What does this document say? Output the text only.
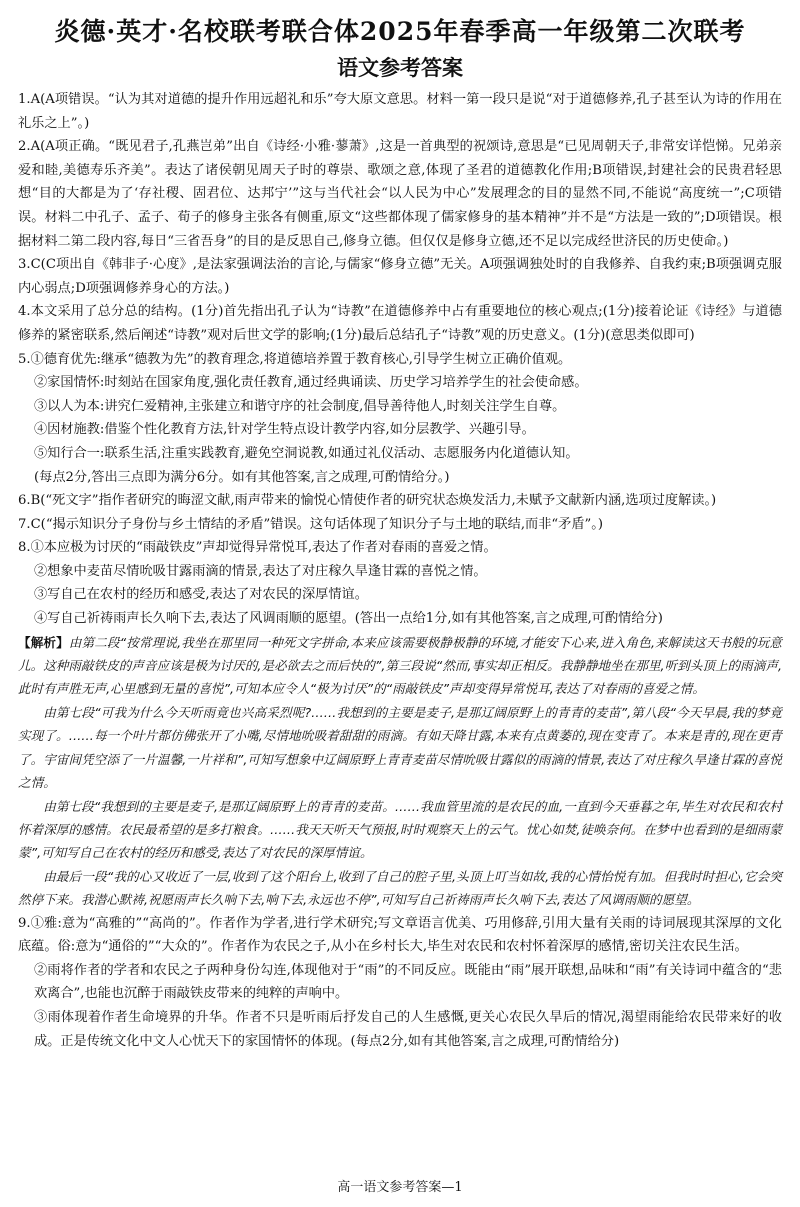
炎德·英才·名校联考联合体2025年春季高一年级第二次联考
语文参考答案

1.A(A项错误。“认为其对道德的提升作用远超礼和乐”夸大原文意思。材料一第一段只是说“对于道德修养,孔子甚至认为诗的作用在礼乐之上”。)

2.A(A项正确。“既见君子,孔燕岂弟”出自《诗经·小雅·蓼萧》,这是一首典型的祝颂诗,意思是“已见周朝天子,非常安详恺悌。兄弟亲爱和睦,美德寿乐齐美”。表达了诸侯朝见周天子时的尊崇、歌颂之意,体现了圣君的道德教化作用;B项错误,封建社会的民贵君轻思想“目的大都是为了‘存社稷、固君位、达邦宁’”这与当代社会“以人民为中心”发展理念的目的显然不同,不能说“高度统一”;C项错误。材料二中孔子、孟子、荀子的修身主张各有侧重,原文“这些都体现了儒家修身的基本精神”并不是“方法是一致的”;D项错误。根据材料二第二段内容,每日“三省吾身”的目的是反思自己,修身立德。但仅仅是修身立德,还不足以完成经世济民的历史使命。)

3.C(C项出自《韩非子·心度》,是法家强调法治的言论,与儒家“修身立德”无关。A项强调独处时的自我修养、自我约束;B项强调克服内心弱点;D项强调修养身心的方法。)

4.本文采用了总分总的结构。(1分)首先指出孔子认为“诗教”在道德修养中占有重要地位的核心观点;(1分)接着论证《诗经》与道德修养的紧密联系,然后阐述“诗教”观对后世文学的影响;(1分)最后总结孔子“诗教”观的历史意义。(1分)(意思类似即可)

5.①德育优先:继承“德教为先”的教育理念,将道德培养置于教育核心,引导学生树立正确价值观。

②家国情怀:时刻站在国家角度,强化责任教育,通过经典诵读、历史学习培养学生的社会使命感。

③以人为本:讲究仁爱精神,主张建立和谐守序的社会制度,倡导善待他人,时刻关注学生自尊。

④因材施教:借鉴个性化教育方法,针对学生特点设计教学内容,如分层教学、兴趣引导。

⑤知行合一:联系生活,注重实践教育,避免空洞说教,如通过礼仪活动、志愿服务内化道德认知。

(每点2分,答出三点即为满分6分。如有其他答案,言之成理,可酌情给分。)

6.B(“死文字”指作者研究的晦涩文献,雨声带来的愉悦心情使作者的研究状态焕发活力,未赋予文献新内涵,选项过度解读。)

7.C(“揭示知识分子身份与乡土情结的矛盾”错误。这句话体现了知识分子与土地的联结,而非“矛盾”。)

8.①本应极为讨厌的“雨敲铁皮”声却觉得异常悦耳,表达了作者对春雨的喜爱之情。

②想象中麦苗尽情吮吸甘露雨滴的情景,表达了对庄稼久旱逢甘霖的喜悦之情。

③写自己在农村的经历和感受,表达了对农民的深厚情谊。

④写自己祈祷雨声长久响下去,表达了风调雨顺的愿望。(答出一点给1分,如有其他答案,言之成理,可酌情给分)

【解析】由第二段“按常理说,我坐在那里同一种死文字拼命,本来应该需要极静极静的环境,才能安下心来,进入角色,来解读这天书般的玩意儿。这种雨敲铁皮的声音应该是极为讨厌的,是必欲去之而后快的”,第三段说“然而,事实却正相反。我静静地坐在那里,听到头顶上的雨滴声,此时有声胜无声,心里感到无量的喜悦”,可知本应令人“极为讨厌”的“雨敲铁皮”声却变得异常悦耳,表达了对春雨的喜爱之情。

由第七段“可我为什么今天听雨竟也兴高采烈呢?……我想到的主要是麦子,是那辽阔原野上的青青的麦苗”,第八段“今天早晨,我的梦竟实现了。……每一个叶片都仿佛张开了小嘴,尽情地吮吸着甜甜的雨滴。有如天降甘露,本来有点黄萎的,现在变青了。本来是青的,现在更青了。宇宙间凭空添了一片温馨,一片祥和”,可知写想象中辽阔原野上青青麦苗尽情吮吸甘露似的雨滴的情景,表达了对庄稼久旱逢甘霖的喜悦之情。

由第七段“我想到的主要是麦子,是那辽阔原野上的青青的麦苗。……我血管里流的是农民的血,一直到今天垂暮之年,毕生对农民和农村怀着深厚的感情。农民最希望的是多打粮食。……我天天听天气预报,时时观察天上的云气。忧心如焚,徒唤奈何。在梦中也看到的是细雨蒙蒙”,可知写自己在农村的经历和感受,表达了对农民的深厚情谊。

由最后一段“我的心又收近了一层,收到了这个阳台上,收到了自己的腔子里,头顶上叮当如故,我的心情怡悦有加。但我时时担心,它会突然停下来。我潜心默祷,祝愿雨声长久响下去,响下去,永远也不停”,可知写自己祈祷雨声长久响下去,表达了风调雨顺的愿望。

9.①雅:意为“高雅的”“高尚的”。作者作为学者,进行学术研究;写文章语言优美、巧用修辞,引用大量有关雨的诗词展现其深厚的文化底蕴。俗:意为“通俗的”“大众的”。作者作为农民之子,从小在乡村长大,毕生对农民和农村怀着深厚的感情,密切关注农民生活。

②雨将作者的学者和农民之子两种身份勾连,体现他对于“雨”的不同反应。既能由“雨”展开联想,品味和“雨”有关诗词中蕴含的“悲欢离合”,也能也沉醉于雨敲铁皮带来的纯粹的声响中。

③雨体现着作者生命境界的升华。作者不只是听雨后抒发自己的人生感慨,更关心农民久旱后的情况,渴望雨能给农民带来好的收成。正是传统文化中文人心忧天下的家国情怀的体现。(每点2分,如有其他答案,言之成理,可酌情给分)

高一语文参考答案—1
